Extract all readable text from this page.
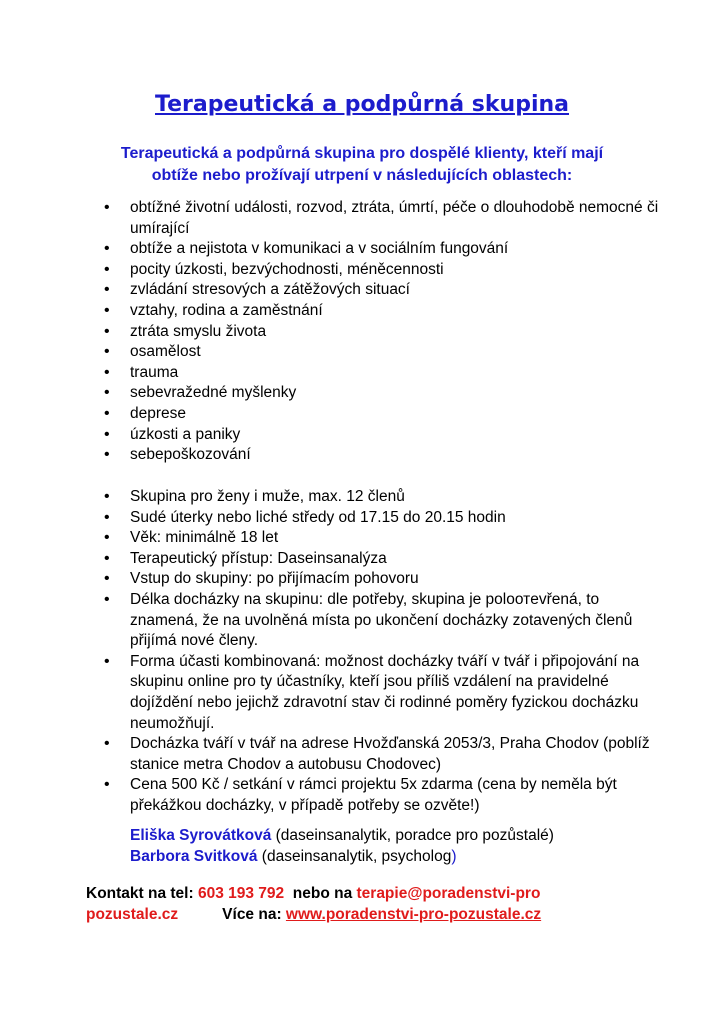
Terapeutická a podpůrná skupina
Terapeutická a podpůrná skupina pro dospělé klienty, kteří mají
obtíže nebo prožívají utrpení v následujících oblastech:
• obtížné životní události, rozvod, ztráta, úmrtí, péče o dlouhodobě nemocné či umírající
• obtíže a nejistota v komunikaci a v sociálním fungování
• pocity úzkosti, bezvýchodnosti, méněcennosti
• zvládání stresových a zátěžových situací
• vztahy, rodina a zaměstnání
• ztráta smyslu života
• osamělost
• trauma
• sebevražedné myšlenky
• deprese
• úzkosti a paniky
• sebepoškozování
• Skupina pro ženy i muže, max. 12 členů
• Sudé úterky nebo liché středy od 17.15 do 20.15 hodin
• Věk: minimálně 18 let
• Terapeutický přístup: Daseinsanalýza
• Vstup do skupiny: po přijímacím pohovoru
• Délka docházky na skupinu: dle potřeby, skupina je poloотevřená, to znamená, že na uvolněná místa po ukončení docházky zotavených členů přijímá nové členy.
• Forma účasti kombinovaná: možnost docházky tváří v tvář i připojování na skupinu online pro ty účastníky, kteří jsou příliš vzdálení na pravidelné dojíždění nebo jejichž zdravotní stav či rodinné poměry fyzickou docházku neumožňují.
• Docházka tváří v tvář na adrese Hvožďanská 2053/3, Praha Chodov (poblíž stanice metra Chodov a autobusu Chodovec)
• Cena 500 Kč / setkání v rámci projektu 5x zdarma (cena by neměla být překážkou docházky, v případě potřeby se ozvěte!)
Eliška Syrovátková (daseinsanalytik, poradce pro pozůstalé)
Barbora Svitková (daseinsanalytik, psycholog)
Kontakt na tel: 603 193 792  nebo na terapie@poradenstvi-pro
pozustale.cz	Více na: www.poradenstvi-pro-pozustale.cz
